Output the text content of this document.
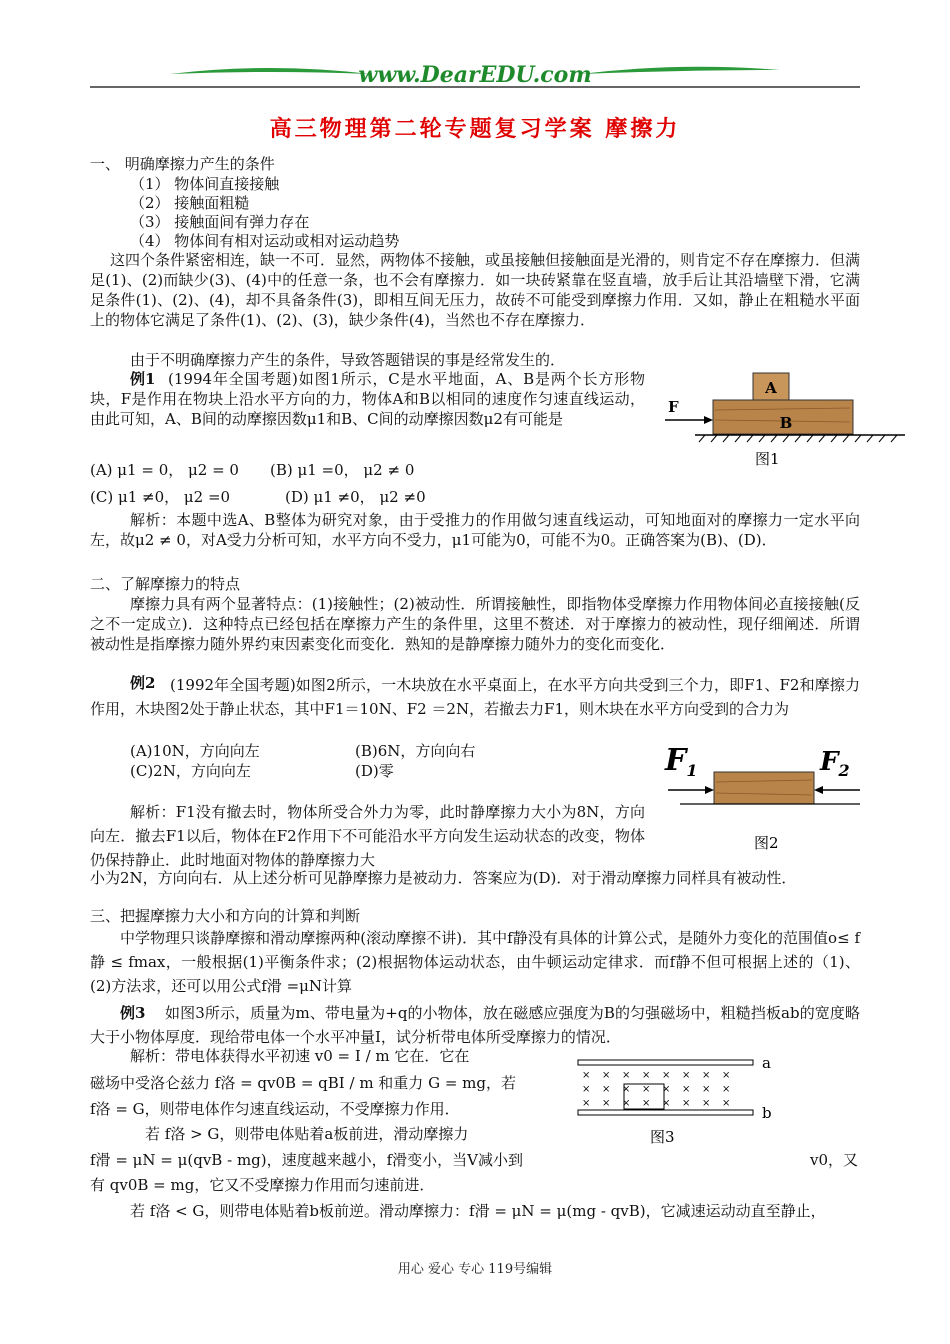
www.DearEDU.com
高三物理第二轮专题复习学案 摩擦力
一、 明确摩擦力产生的条件
（1） 物体间直接接触
（2） 接触面粗糙
（3） 接触面间有弹力存在
（4） 物体间有相对运动或相对运动趋势
这四个条件紧密相连，缺一不可．显然，两物体不接触，或虽接触但接触面是光滑的，则肯定不存在摩擦力．但满足(1)、(2)而缺少(3)、(4)中的任意一条，也不会有摩擦力．如一块砖紧靠在竖直墙，放手后让其沿墙壁下滑，它满足条件(1)、(2)、(4)，却不具备条件(3)，即相互间无压力，故砖不可能受到摩擦力作用．又如，静止在粗糙水平面上的物体它满足了条件(1)、(2)、(3)，缺少条件(4)，当然也不存在摩擦力．
由于不明确摩擦力产生的条件，导致答题错误的事是经常发生的．
例1 (1994年全国考题)如图1所示，C是水平地面，A、B是两个长方形物块，F是作用在物块上沿水平方向的力，物体A和B以相同的速度作匀速直线运动，由此可知，A、B间的动摩擦因数μ1和B、C间的动摩擦因数μ2有可能是
(A) μ1 = 0， μ2 = 0 (B) μ1 =0， μ2 ≠ 0
(C) μ1 ≠0， μ2 =0	(D) μ1 ≠0， μ2 ≠0
解析：本题中选A、B整体为研究对象，由于受推力的作用做匀速直线运动，可知地面对的摩擦力一定水平向左，故μ2 ≠ 0，对A受力分析可知，水平方向不受力，μ1可能为0，可能不为0。正确答案为(B)、(D)．
A
B
F
图1
二、了解摩擦力的特点
摩擦力具有两个显著特点：(1)接触性；(2)被动性．所谓接触性，即指物体受摩擦力作用物体间必直接接触(反之不一定成立)．这种特点已经包括在摩擦力产生的条件里，这里不赘述．对于摩擦力的被动性，现仔细阐述．所谓被动性是指摩擦力随外界约束因素变化而变化．熟知的是静摩擦力随外力的变化而变化．
例2 (1992年全国考题)如图2所示，一木块放在水平桌面上，在水平方向共受到三个力，即F1、F2和摩擦力作用，木块图2处于静止状态，其中F1＝10N、F2 ＝2N，若撤去力F1，则木块在水平方向受到的合力为
(A)10N，方向向左	(B)6N，方向向右
(C)2N，方向向左	(D)零
解析：F1没有撤去时，物体所受合外力为零，此时静摩擦力大小为8N，方向向左．撤去F1以后，物体在F2作用下不可能沿水平方向发生运动状态的改变，物体仍保持静止．此时地面对物体的静摩擦力大
小为2N，方向向右．从上述分析可见静摩擦力是被动力．答案应为(D)．对于滑动摩擦力同样具有被动性．
$F_1$	$F_2$
图2
三、把握摩擦力大小和方向的计算和判断
中学物理只谈静摩擦和滑动摩擦两种(滚动摩擦不讲)．其中f静没有具体的计算公式，是随外力变化的范围值o≤ f静 ≤ fmax，一般根据(1)平衡条件求；(2)根据物体运动状态，由牛顿运动定律求．而f静不但可根据上述的（1)、(2)方法求，还可以用公式f滑 =μN计算
例3	如图3所示，质量为m、带电量为+q的小物体，放在磁感应强度为B的匀强磁场中，粗糙挡板ab的宽度略大于小物体厚度．现给带电体一个水平冲量I，试分析带电体所受摩擦力的情况．
解析：带电体获得水平初速 v0 = I / m 它在．它在
磁场中受洛仑兹力 f洛 = qv0B = qBI / m 和重力 G = mg，若
f洛 = G，则带电体作匀速直线运动，不受摩擦力作用．
若 f洛 > G，则带电体贴着a板前进，滑动摩擦力
f滑 = μN = μ(qvB - mg)，速度越来越小，f滑变小，当V减小到	v0，又
有 qv0B = mg，它又不受摩擦力作用而匀速前进．
若 f洛 < G，则带电体贴着b板前逆。滑动摩擦力：f滑 = μN = μ(mg - qvB)，它减速运动动直至静止，
a
b
× × × × × × × ×
× × × × × × × ×
× × × × × × × ×
图3
用心 爱心 专心 119号编辑
